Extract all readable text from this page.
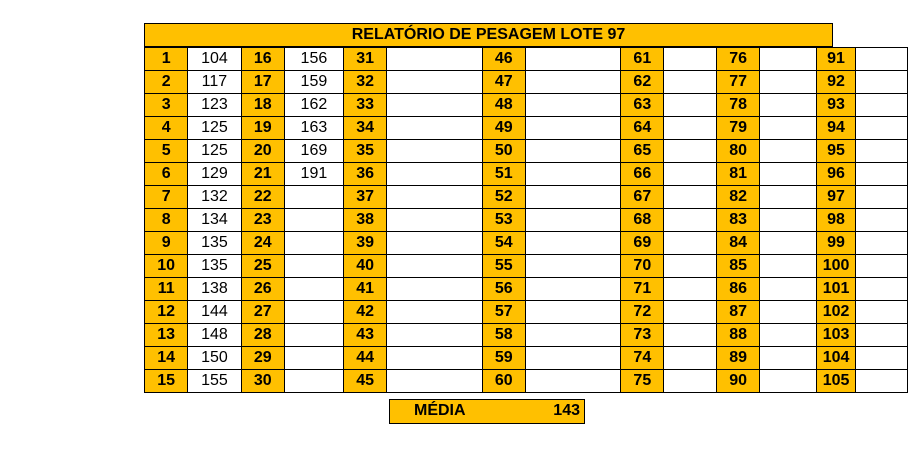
RELATÓRIO DE PESAGEM LOTE 97
1	104	16	156	31		46		61		76		91	
2	117	17	159	32		47		62		77		92	
3	123	18	162	33		48		63		78		93	
4	125	19	163	34		49		64		79		94	
5	125	20	169	35		50		65		80		95	
6	129	21	191	36		51		66		81		96	
7	132	22		37		52		67		82		97	
8	134	23		38		53		68		83		98	
9	135	24		39		54		69		84		99	
10	135	25		40		55		70		85		100	
11	138	26		41		56		71		86		101	
12	144	27		42		57		72		87		102	
13	148	28		43		58		73		88		103	
14	150	29		44		59		74		89		104	
15	155	30		45		60		75		90		105	
MÉDIA	143
